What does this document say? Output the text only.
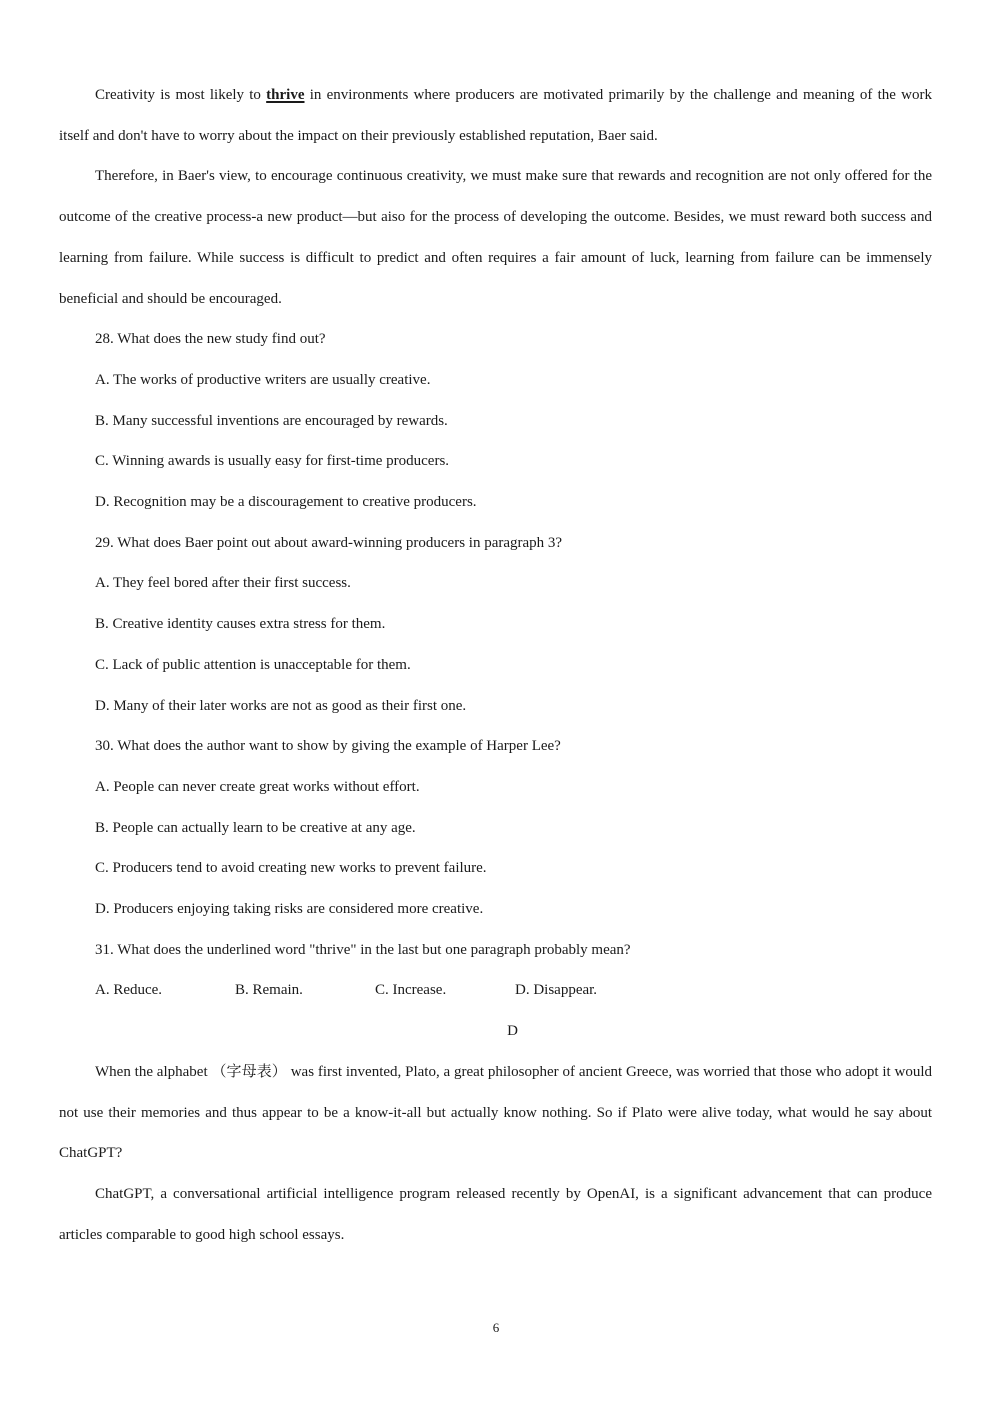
Creativity is most likely to thrive in environments where producers are motivated primarily by the challenge and meaning of the work itself and don't have to worry about the impact on their previously established reputation, Baer said.

Therefore, in Baer's view, to encourage continuous creativity, we must make sure that rewards and recognition are not only offered for the outcome of the creative process-a new product—but aiso for the process of developing the outcome. Besides, we must reward both success and learning from failure. While success is difficult to predict and often requires a fair amount of luck, learning from failure can be immensely beneficial and should be encouraged.

28. What does the new study find out?

A. The works of productive writers are usually creative.

B. Many successful inventions are encouraged by rewards.

C. Winning awards is usually easy for first-time producers.

D. Recognition may be a discouragement to creative producers.

29. What does Baer point out about award-winning producers in paragraph 3?

A. They feel bored after their first success.

B. Creative identity causes extra stress for them.

C. Lack of public attention is unacceptable for them.

D. Many of their later works are not as good as their first one.

30. What does the author want to show by giving the example of Harper Lee?

A. People can never create great works without effort.

B. People can actually learn to be creative at any age.

C. Producers tend to avoid creating new works to prevent failure.

D. Producers enjoying taking risks are considered more creative.

31. What does the underlined word "thrive" in the last but one paragraph probably mean?

A. Reduce.	B. Remain.	C. Increase.	D. Disappear.

D

When the alphabet （字母表） was first invented, Plato, a great philosopher of ancient Greece, was worried that those who adopt it would not use their memories and thus appear to be a know-it-all but actually know nothing. So if Plato were alive today, what would he say about ChatGPT?

ChatGPT, a conversational artificial intelligence program released recently by OpenAI, is a significant advancement that can produce articles comparable to good high school essays.

6
